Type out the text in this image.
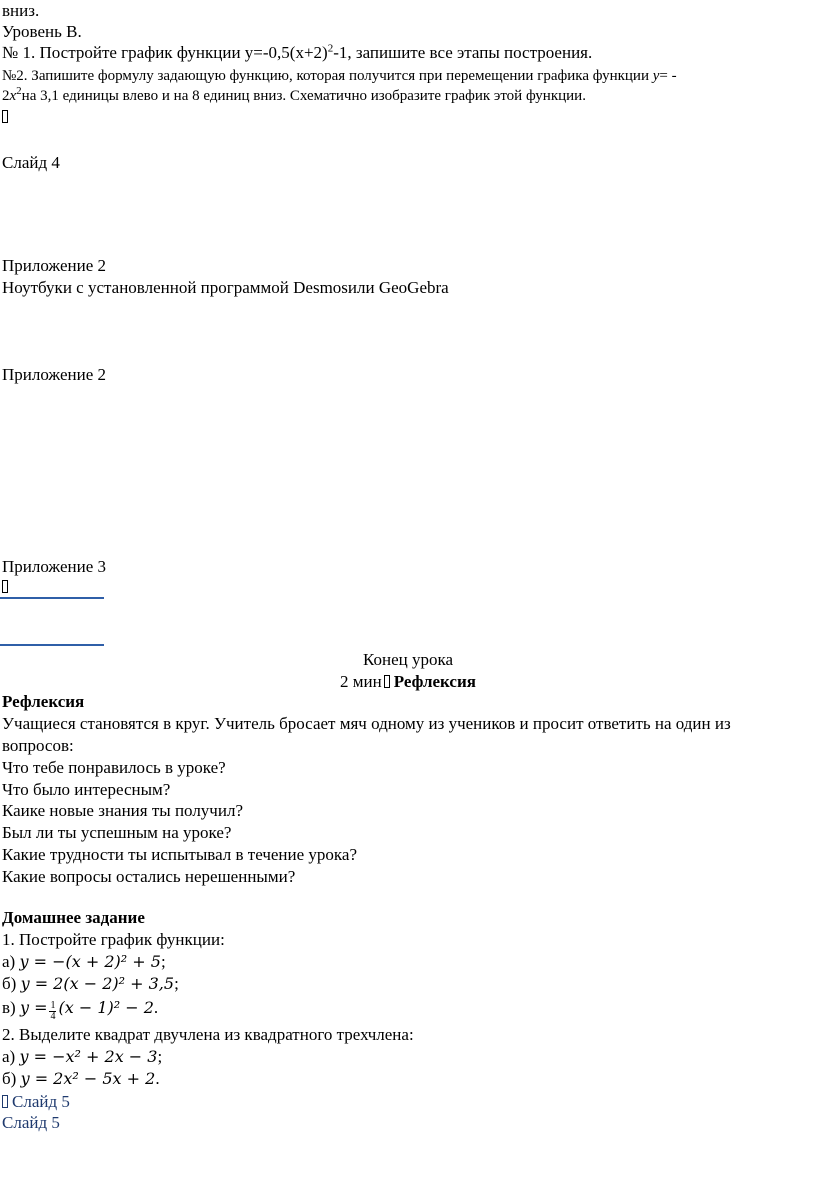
вниз.
Уровень В.
№ 1. Постройте график функции $у=-0,5(х+2)^2-1$, запишите все этапы построения.
№2. Запишите формулу задающую функцию, которая получится при перемещении графика функции у= -
$2х^2на$ 3,1 единицы влево и на 8 единиц вниз. Схематично изобразите график этой функции.
Слайд 4
Приложение 2
Ноутбуки с установленной программой Desmosили GeoGebra
Приложение 2
Приложение 3
Конец урока
2 мин Рефлексия
Рефлексия
Учащиеся становятся в круг. Учитель бросает мяч одному из учеников и просит ответить на один из
вопросов:
Что тебе понравилось в уроке?
Что было интересным?
Каике новые знания ты получил?
Был ли ты успешным на уроке?
Какие трудности ты испытывал в течение урока?
Какие вопросы остались нерешенными?
Домашнее задание
1. Постройте график функции:
а) y = −(x + 2)² + 5;
б) y = 2(x − 2)² + 3,5;
в) $y = \frac{1}{4} (x - 1)^2 - 2$.
2. Выделите квадрат двучлена из квадратного трехчлена:
а) y = −x² + 2x − 3;
б) y = 2x² − 5x + 2.
Слайд 5
Слайд 5
